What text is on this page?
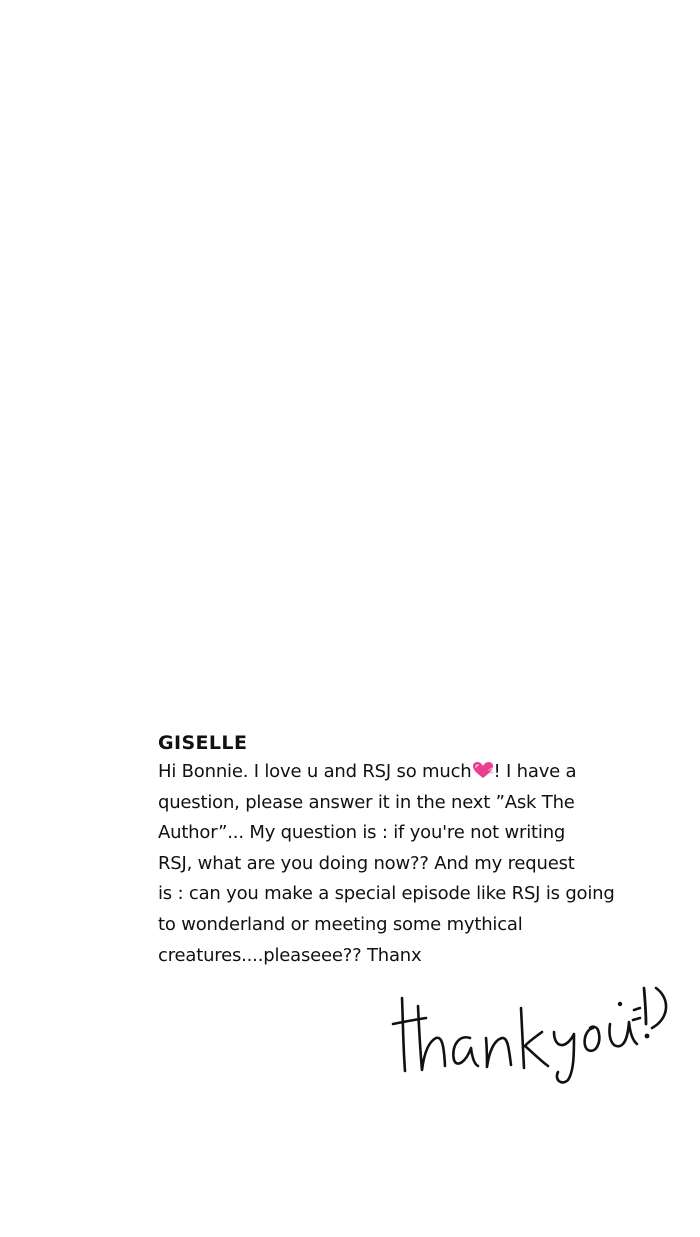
GISELLE

Hi Bonnie. I love u and RSJ so much ! I have a
question, please answer it in the next ”Ask The
Author”... My question is : if you're not writing
RSJ, what are you doing now?? And my request
is : can you make a special episode like RSJ is going
to wonderland or meeting some mythical
creatures....pleaseee?? Thanx
